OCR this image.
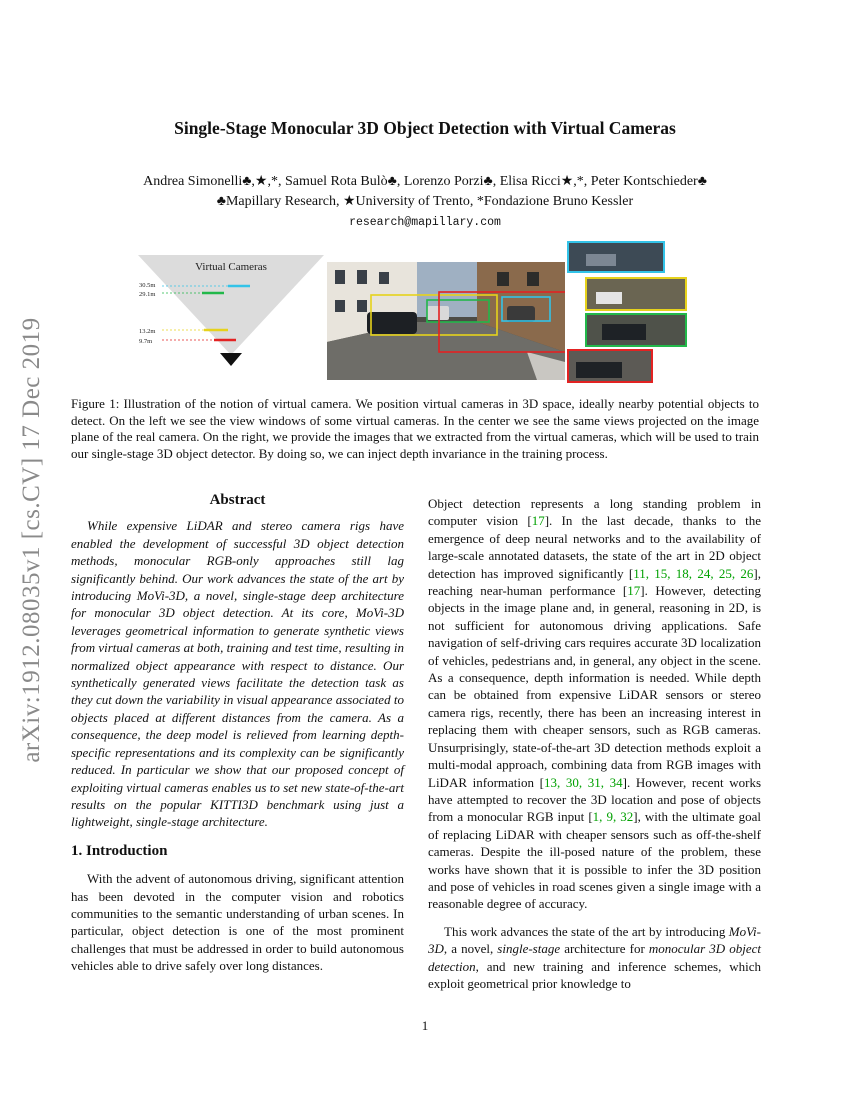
arXiv:1912.08035v1 [cs.CV] 17 Dec 2019
Single-Stage Monocular 3D Object Detection with Virtual Cameras
Andrea Simonelli♣,★,*, Samuel Rota Bulò♣, Lorenzo Porzi♣, Elisa Ricci★,*, Peter Kontschieder♣
♣Mapillary Research, ★University of Trento, *Fondazione Bruno Kessler
research@mapillary.com
Virtual Cameras
30.5m
29.1m
13.2m
9.7m
Figure 1: Illustration of the notion of virtual camera. We position virtual cameras in 3D space, ideally nearby potential objects to detect. On the left we see the view windows of some virtual cameras. In the center we see the same views projected on the image plane of the real camera. On the right, we provide the images that we extracted from the virtual cameras, which will be used to train our single-stage 3D object detector. By doing so, we can inject depth invariance in the training process.
Abstract

While expensive LiDAR and stereo camera rigs have enabled the development of successful 3D object detection methods, monocular RGB-only approaches still lag significantly behind. Our work advances the state of the art by introducing MoVi-3D, a novel, single-stage deep architecture for monocular 3D object detection. At its core, MoVi-3D leverages geometrical information to generate synthetic views from virtual cameras at both, training and test time, resulting in normalized object appearance with respect to distance. Our synthetically generated views facilitate the detection task as they cut down the variability in visual appearance associated to objects placed at different distances from the camera. As a consequence, the deep model is relieved from learning depth-specific representations and its complexity can be significantly reduced. In particular we show that our proposed concept of exploiting virtual cameras enables us to set new state-of-the-art results on the popular KITTI3D benchmark using just a lightweight, single-stage architecture.

1. Introduction

With the advent of autonomous driving, significant attention has been devoted in the computer vision and robotics communities to the semantic understanding of urban scenes. In particular, object detection is one of the most prominent challenges that must be addressed in order to build autonomous vehicles able to drive safely over long distances.

Object detection represents a long standing problem in computer vision [17]. In the last decade, thanks to the emergence of deep neural networks and to the availability of large-scale annotated datasets, the state of the art in 2D object detection has improved significantly [11, 15, 18, 24, 25, 26], reaching near-human performance [17]. However, detecting objects in the image plane and, in general, reasoning in 2D, is not sufficient for autonomous driving applications. Safe navigation of self-driving cars requires accurate 3D localization of vehicles, pedestrians and, in general, any object in the scene. As a consequence, depth information is needed. While depth can be obtained from expensive LiDAR sensors or stereo camera rigs, recently, there has been an increasing interest in replacing them with cheaper sensors, such as RGB cameras. Unsurprisingly, state-of-the-art 3D detection methods exploit a multi-modal approach, combining data from RGB images with LiDAR information [13, 30, 31, 34]. However, recent works have attempted to recover the 3D location and pose of objects from a monocular RGB input [1, 9, 32], with the ultimate goal of replacing LiDAR with cheaper sensors such as off-the-shelf cameras. Despite the ill-posed nature of the problem, these works have shown that it is possible to infer the 3D position and pose of vehicles in road scenes given a single image with a reasonable degree of accuracy.

This work advances the state of the art by introducing MoVi-3D, a novel, single-stage architecture for monocular 3D object detection, and new training and inference schemes, which exploit geometrical prior knowledge to

1
